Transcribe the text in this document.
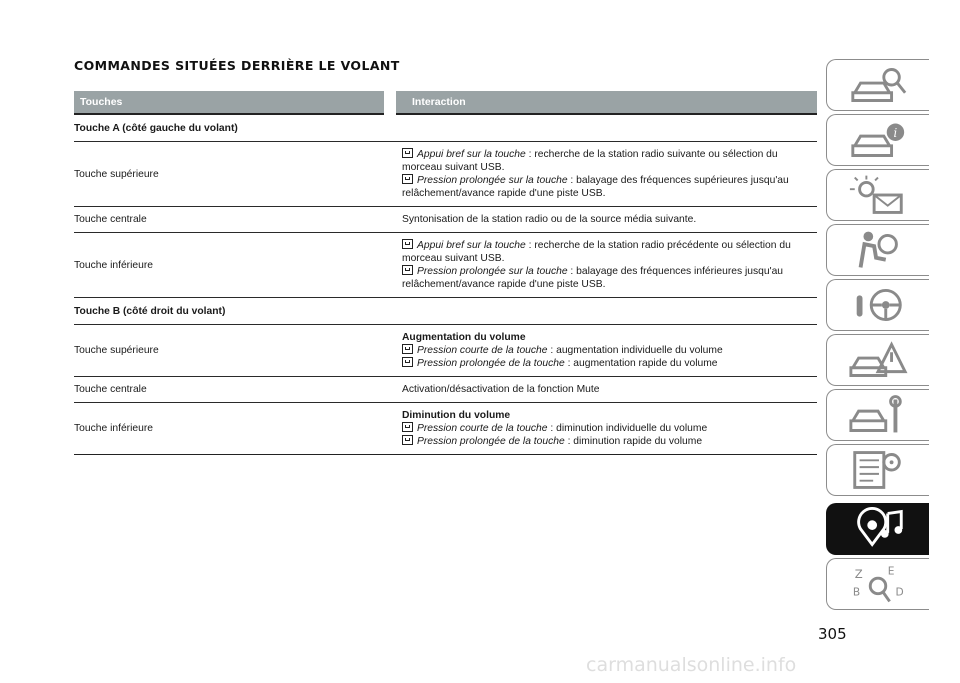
COMMANDES SITUÉES DERRIÈRE LE VOLANT
Touches	Interaction
Touche A (côté gauche du volant)	
Touche supérieure	Appui bref sur la touche : recherche de la station radio suivante ou sélection du morceau suivant USB.
Pression prolongée sur la touche : balayage des fréquences supérieures jusqu'au relâchement/avance rapide d'une piste USB.

Touche centrale	Syntonisation de la station radio ou de la source média suivante.

Touche inférieure	Appui bref sur la touche : recherche de la station radio précédente ou sélection du morceau suivant USB.
Pression prolongée sur la touche : balayage des fréquences inférieures jusqu'au relâchement/avance rapide d'une piste USB.

Touche B (côté droit du volant)	
Touche supérieure	Augmentation du volume
Pression courte de la touche : augmentation individuelle du volume
Pression prolongée de la touche : augmentation rapide du volume

Touche centrale	Activation/désactivation de la fonction Mute

Touche inférieure	Diminution du volume
Pression courte de la touche : diminution individuelle du volume
Pression prolongée de la touche : diminution rapide du volume
i
Z E
B	D
305
carmanualsonline.info
